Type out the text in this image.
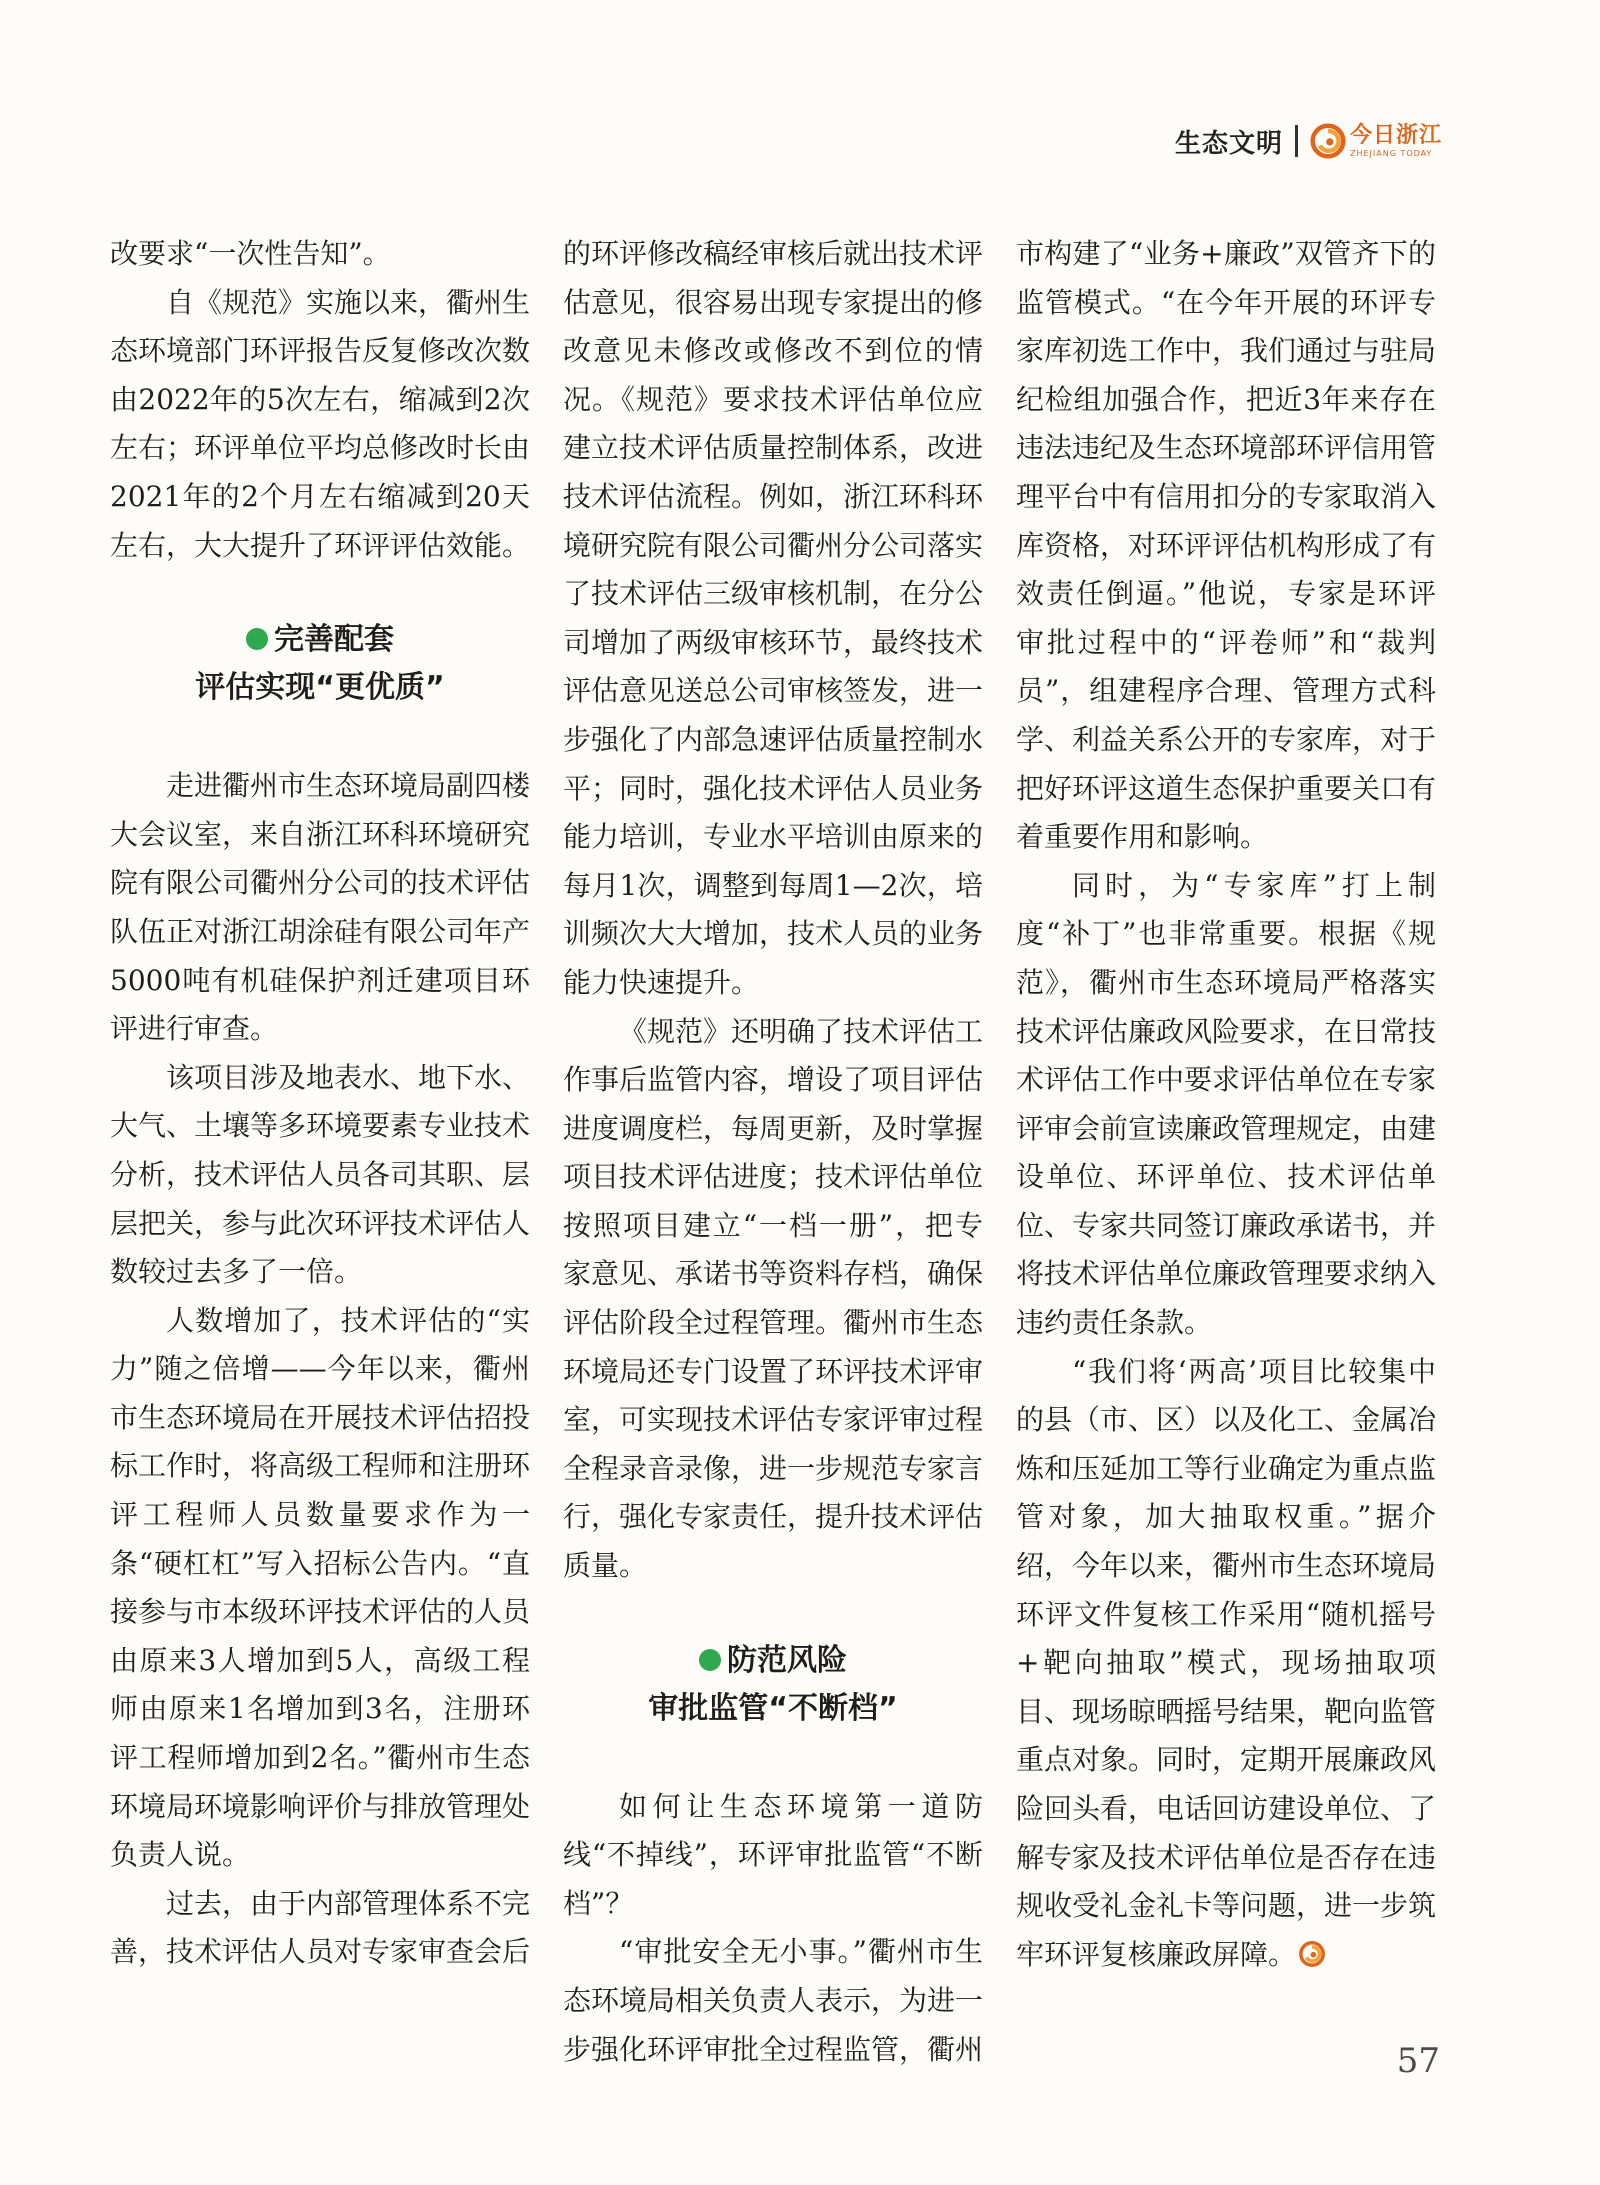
生态文明	今日浙江
ZHEJIANG TODAY

改要求“一次性告知”。

自《规范》实施以来，衢州生态环境部门环评报告反复修改次数由2022年的5次左右，缩减到2次左右；环评单位平均总修改时长由2021年的2个月左右缩减到20天左右，大大提升了环评评估效能。

完善配套
评估实现“更优质”

走进衢州市生态环境局副四楼大会议室，来自浙江环科环境研究院有限公司衢州分公司的技术评估队伍正对浙江胡涂硅有限公司年产5000吨有机硅保护剂迁建项目环评进行审查。

该项目涉及地表水、地下水、大气、土壤等多环境要素专业技术分析，技术评估人员各司其职、层层把关，参与此次环评技术评估人数较过去多了一倍。

人数增加了，技术评估的“实力”随之倍增——今年以来，衢州市生态环境局在开展技术评估招投标工作时，将高级工程师和注册环评工程师人员数量要求作为一条“硬杠杠”写入招标公告内。“直接参与市本级环评技术评估的人员由原来3人增加到5人，高级工程师由原来1名增加到3名，注册环评工程师增加到2名。”衢州市生态环境局环境影响评价与排放管理处负责人说。

过去，由于内部管理体系不完善，技术评估人员对专家审查会后

的环评修改稿经审核后就出技术评估意见，很容易出现专家提出的修改意见未修改或修改不到位的情况。《规范》要求技术评估单位应建立技术评估质量控制体系，改进技术评估流程。例如，浙江环科环境研究院有限公司衢州分公司落实了技术评估三级审核机制，在分公司增加了两级审核环节，最终技术评估意见送总公司审核签发，进一步强化了内部急速评估质量控制水平；同时，强化技术评估人员业务能力培训，专业水平培训由原来的每月1次，调整到每周1—2次，培训频次大大增加，技术人员的业务能力快速提升。

《规范》还明确了技术评估工作事后监管内容，增设了项目评估进度调度栏，每周更新，及时掌握项目技术评估进度；技术评估单位按照项目建立“一档一册”，把专家意见、承诺书等资料存档，确保评估阶段全过程管理。衢州市生态环境局还专门设置了环评技术评审室，可实现技术评估专家评审过程全程录音录像，进一步规范专家言行，强化专家责任，提升技术评估质量。

防范风险
审批监管“不断档”

如何让生态环境第一道防线“不掉线”，环评审批监管“不断档”？

“审批安全无小事。”衢州市生态环境局相关负责人表示，为进一步强化环评审批全过程监管，衢州

市构建了“业务+廉政”双管齐下的监管模式。“在今年开展的环评专家库初选工作中，我们通过与驻局纪检组加强合作，把近3年来存在违法违纪及生态环境部环评信用管理平台中有信用扣分的专家取消入库资格，对环评评估机构形成了有效责任倒逼。”他说，专家是环评审批过程中的“评卷师”和“裁判员”，组建程序合理、管理方式科学、利益关系公开的专家库，对于把好环评这道生态保护重要关口有着重要作用和影响。

同时，为“专家库”打上制度“补丁”也非常重要。根据《规范》，衢州市生态环境局严格落实技术评估廉政风险要求，在日常技术评估工作中要求评估单位在专家评审会前宣读廉政管理规定，由建设单位、环评单位、技术评估单位、专家共同签订廉政承诺书，并将技术评估单位廉政管理要求纳入违约责任条款。

“我们将‘两高’项目比较集中的县（市、区）以及化工、金属冶炼和压延加工等行业确定为重点监管对象，加大抽取权重。”据介绍，今年以来，衢州市生态环境局环评文件复核工作采用“随机摇号+靶向抽取”模式，现场抽取项目、现场晾晒摇号结果，靶向监管重点对象。同时，定期开展廉政风险回头看，电话回访建设单位、了解专家及技术评估单位是否存在违规收受礼金礼卡等问题，进一步筑牢环评复核廉政屏障。

57
